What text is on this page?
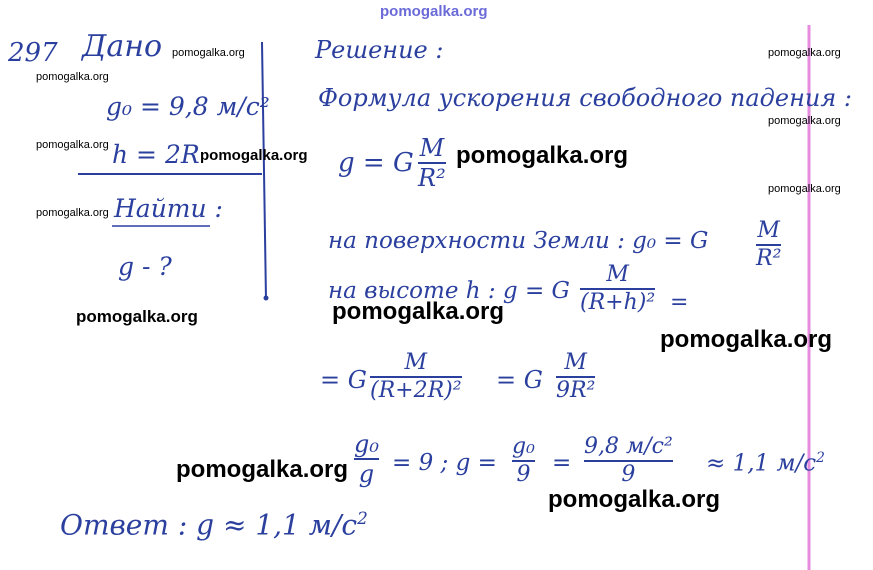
pomogalka.org
297 Дано
g₀ = 9,8 м/с²
h = 2R
Найти :
g - ?
Решение :
Формула ускорения свободного падения :
g = G M
R²
на поверхности Земли : g₀ = G M
R²
на высоте h : g = G
M
(R+h)² =
= G
M
(R+2R)² = G
M
9R²
g₀
g = 9 ; g =
g₀
9 =
9,8 м/с²
9	≈ 1,1 $м/с^2$
Ответ : g ≈ 1,1 $м/с^2$
pomogalka.org
pomogalka.org
pomogalka.org
pomogalka.org
pomogalka.org
pomogalka.org
pomogalka.org
pomogalka.org
pomogalka.org
pomogalka.org	pomogalka.org
pomogalka.org
pomogalka.org
pomogalka.org
